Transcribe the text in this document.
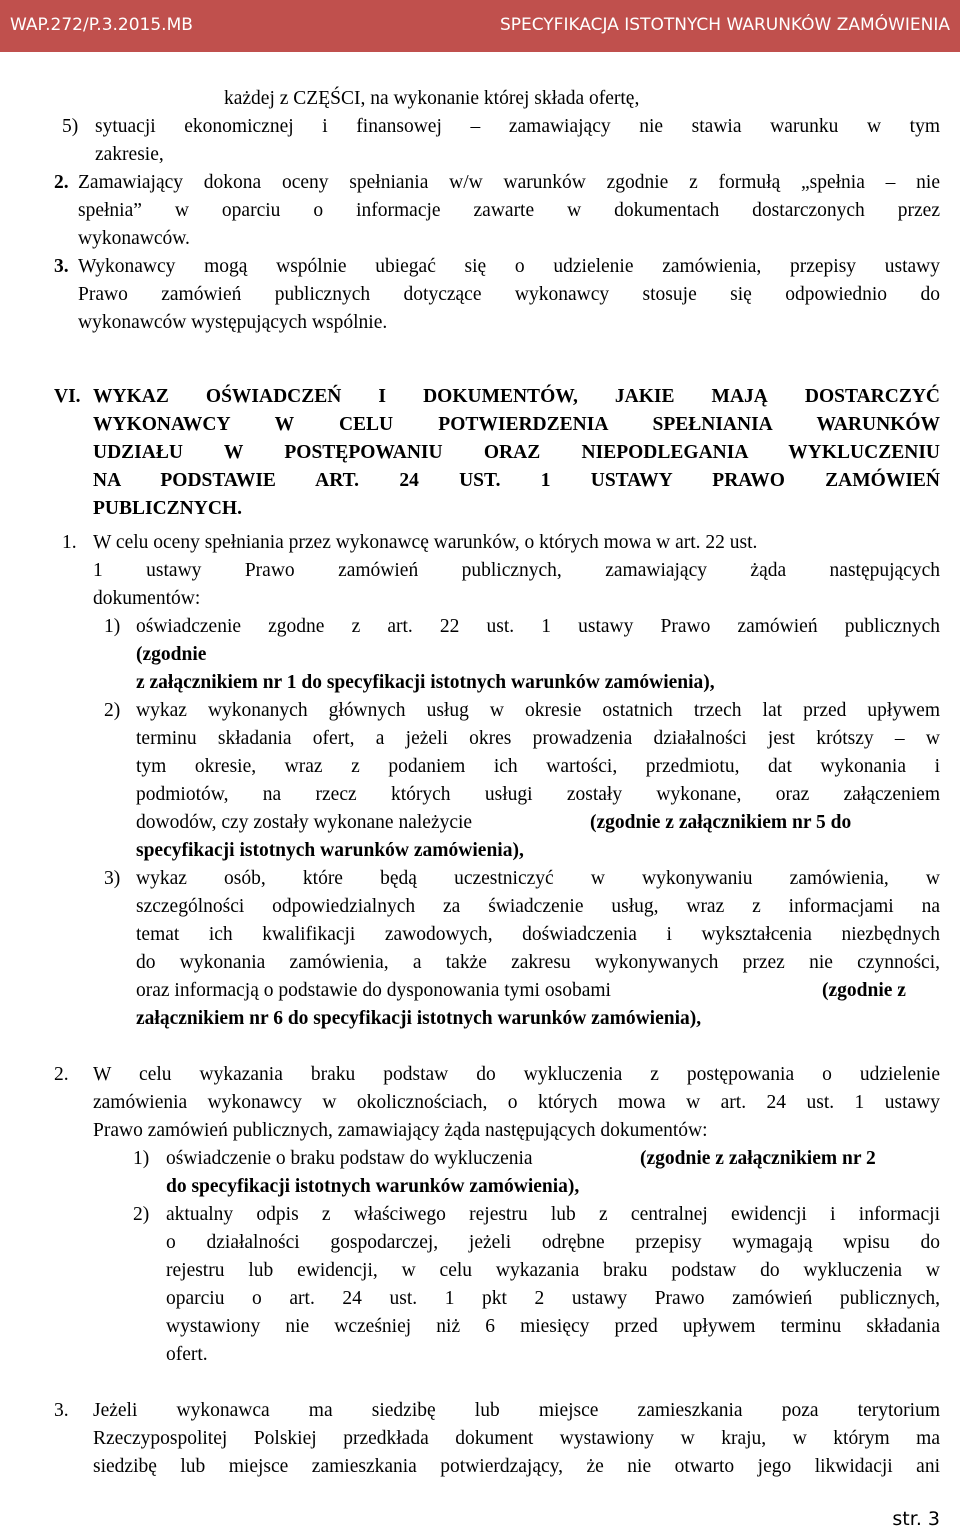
WAP.272/P.3.2015.MB	SPECYFIKACJA ISTOTNYCH WARUNKÓW ZAMÓWIENIA
każdej z CZĘŚCI, na wykonanie której składa ofertę,
5) sytuacji ekonomicznej i finansowej – zamawiający nie stawia warunku w tym
zakresie,
2. Zamawiający dokona oceny spełniania w/w warunków zgodnie z formułą „spełnia – nie
spełnia” w oparciu o informacje zawarte w dokumentach dostarczonych przez
wykonawców.
3. Wykonawcy mogą wspólnie ubiegać się o udzielenie zamówienia, przepisy ustawy
Prawo zamówień publicznych dotyczące wykonawcy stosuje się odpowiednio do
wykonawców występujących wspólnie.
VI. WYKAZ OŚWIADCZEŃ I DOKUMENTÓW, JAKIE MAJĄ DOSTARCZYĆ
WYKONAWCY W CELU POTWIERDZENIA SPEŁNIANIA WARUNKÓW
UDZIAŁU W POSTĘPOWANIU ORAZ NIEPODLEGANIA WYKLUCZENIU
NA PODSTAWIE ART. 24 UST. 1 USTAWY PRAWO ZAMÓWIEŃ
PUBLICZNYCH.
1. W celu oceny spełniania przez wykonawcę warunków, o których mowa w art. 22 ust.
1 ustawy Prawo zamówień publicznych, zamawiający żąda następujących
dokumentów:
1) oświadczenie zgodne z art. 22 ust. 1 ustawy Prawo zamówień publicznych
(zgodnie
z załącznikiem nr 1 do specyfikacji istotnych warunków zamówienia),
2) wykaz wykonanych głównych usług w okresie ostatnich trzech lat przed upływem
terminu składania ofert, a jeżeli okres prowadzenia działalności jest krótszy – w
tym okresie, wraz z podaniem ich wartości, przedmiotu, dat wykonania i
podmiotów, na rzecz których usługi zostały wykonane, oraz załączeniem
dowodów, czy zostały wykonane należycie	(zgodnie z załącznikiem nr 5 do
specyfikacji istotnych warunków zamówienia),
3) wykaz osób, które będą uczestniczyć w wykonywaniu zamówienia, w
szczególności odpowiedzialnych za świadczenie usług, wraz z informacjami na
temat ich kwalifikacji zawodowych, doświadczenia i wykształcenia niezbędnych
do wykonania zamówienia, a także zakresu wykonywanych przez nie czynności,
oraz informacją o podstawie do dysponowania tymi osobami	(zgodnie z
załącznikiem nr 6 do specyfikacji istotnych warunków zamówienia),
2. W celu wykazania braku podstaw do wykluczenia z postępowania o udzielenie
zamówienia wykonawcy w okolicznościach, o których mowa w art. 24 ust. 1 ustawy
Prawo zamówień publicznych, zamawiający żąda następujących dokumentów:
1) oświadczenie o braku podstaw do wykluczenia	(zgodnie z załącznikiem nr 2
do specyfikacji istotnych warunków zamówienia),
2) aktualny odpis z właściwego rejestru lub z centralnej ewidencji i informacji
o działalności gospodarczej, jeżeli odrębne przepisy wymagają wpisu do
rejestru lub ewidencji, w celu wykazania braku podstaw do wykluczenia w
oparciu o art. 24 ust. 1 pkt 2 ustawy Prawo zamówień publicznych,
wystawiony nie wcześniej niż 6 miesięcy przed upływem terminu składania
ofert.
3. Jeżeli wykonawca ma siedzibę lub miejsce zamieszkania poza terytorium
Rzeczypospolitej Polskiej przedkłada dokument wystawiony w kraju, w którym ma
siedzibę lub miejsce zamieszkania potwierdzający, że nie otwarto jego likwidacji ani
str. 3
